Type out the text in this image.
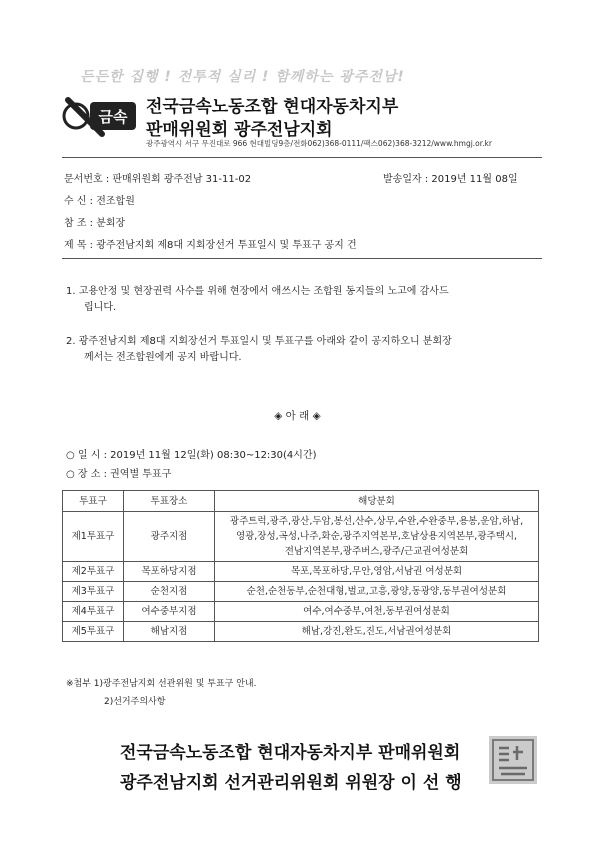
든든한 집행 ! 전투적 실리 ! 함께하는 광주전남!
금속 전국금속노동조합 현대자동차지부
판매위원회 광주전남지회
광주광역시 서구 무진대로 966 현대빌딩9층/전화062)368-0111/팩스062)368-3212/www.hmgj.or.kr
문서번호 : 판매위원회 광주전남 31-11-02	발송일자 : 2019년 11월 08일
수 신 : 전조합원
참 조 : 분회장
제 목 : 광주전남지회 제8대 지회장선거 투표일시 및 투표구 공지 건
1. 고용안정 및 현장권력 사수를 위해 현장에서 애쓰시는 조합원 동지들의 노고에 감사드
립니다.
2. 광주전남지회 제8대 지회장선거 투표일시 및 투표구를 아래와 같이 공지하오니 분회장
께서는 전조합원에게 공지 바랍니다.
◈ 아 래 ◈
○ 일 시 : 2019년 11월 12일(화) 08:30~12:30(4시간)
○ 장 소 : 권역별 투표구
투표구	투표장소	해당분회
제1투표구	광주지점	광주트럭,광주,광산,두암,봉선,산수,상무,수완,수완중부,용봉,운암,하남,
영광,장성,곡성,나주,화순,광주지역본부,호남상용지역본부,광주택시,
전남지역본부,광주버스,광주/근교권여성분회

제2투표구	목포하당지점	목포,목포하당,무안,영암,서남권 여성분회
제3투표구	순천지점	순천,순천동부,순천대형,벌교,고흥,광양,동광양,동부권여성분회
제4투표구	여수중부지점	여수,여수중부,여천,동부권여성분회
제5투표구	해남지점	해남,강진,완도,진도,서남권여성분회
※첨부 1)광주전남지회 선관위원 및 투표구 안내.
2)선거주의사항
전국금속노동조합 현대자동차지부 판매위원회
광주전남지회 선거관리위원회 위원장 이 선 행
